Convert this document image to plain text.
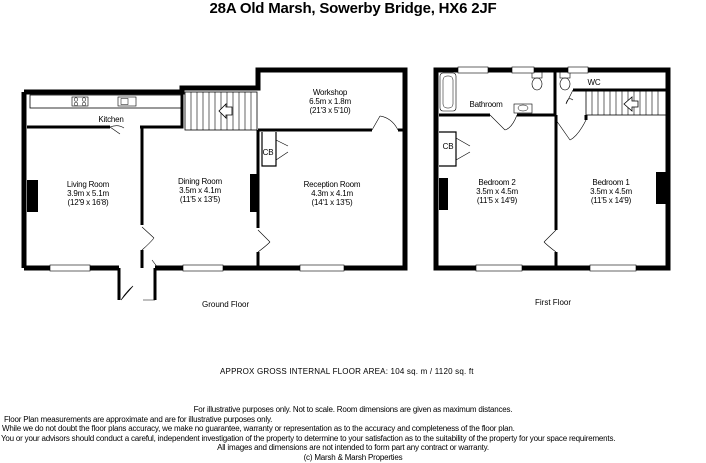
28A Old Marsh, Sowerby Bridge, HX6 2JF
Kitchen
Living Room
3.9m x 5.1m
(12'9 x 16'8)
Dining Room
3.5m x 4.1m
(11'5 x 13'5)
Reception Room
4.3m x 4.1m
(14'1 x 13'5)
Workshop
6.5m x 1.8m
(21'3 x 5'10)
CB
Ground Floor
Bathroom
WC
Bedroom 2
3.5m x 4.5m
(11'5 x 14'9)
Bedroom 1
3.5m x 4.5m
(11'5 x 14'9)
CB
First Floor
APPROX GROSS INTERNAL FLOOR AREA: 104 sq. m / 1120 sq. ft
For illustrative purposes only. Not to scale. Room dimensions are given as maximum distances.
Floor Plan measurements are approximate and are for illustrative purposes only.
While we do not doubt the floor plans accuracy, we make no guarantee, warranty or representation as to the accuracy and completeness of the floor plan.
You or your advisors should conduct a careful, independent investigation of the property to determine to your satisfaction as to the suitability of the property for your space requirements.
All images and dimensions are not intended to form part any contract or warranty.
(c) Marsh & Marsh Properties
